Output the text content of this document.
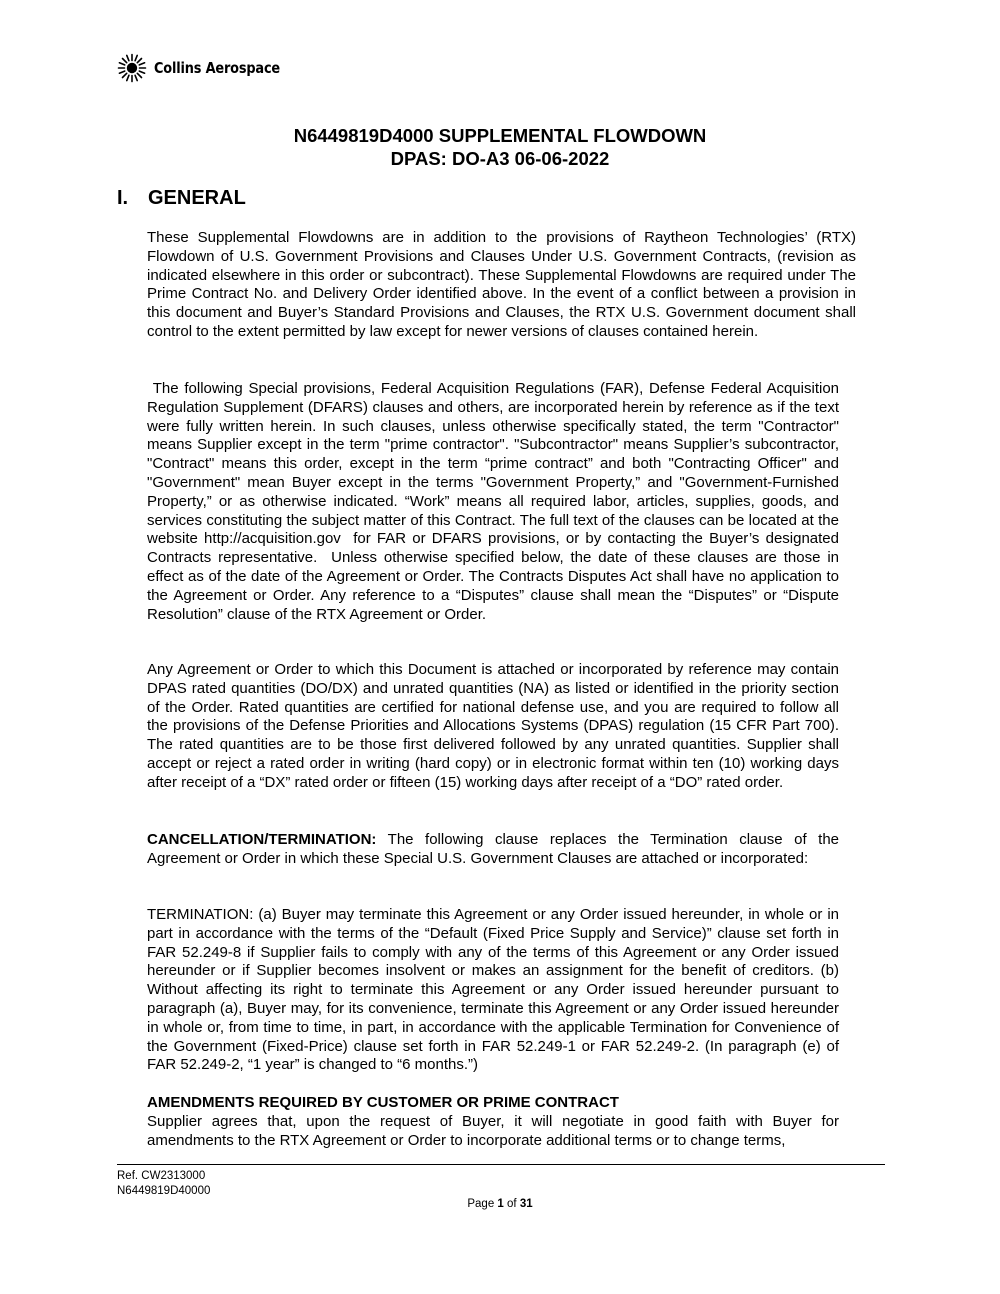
Collins Aerospace
N6449819D4000 SUPPLEMENTAL FLOWDOWN
DPAS: DO-A3 06-06-2022
I. GENERAL

These Supplemental Flowdowns are in addition to the provisions of Raytheon Technologies’ (RTX) Flowdown of U.S. Government Provisions and Clauses Under U.S. Government Contracts, (revision as indicated elsewhere in this order or subcontract). These Supplemental Flowdowns are required under The Prime Contract No. and Delivery Order identified above. In the event of a conflict between a provision in this document and Buyer’s Standard Provisions and Clauses, the RTX U.S. Government document shall control to the extent permitted by law except for newer versions of clauses contained herein.

The following Special provisions, Federal Acquisition Regulations (FAR), Defense Federal Acquisition Regulation Supplement (DFARS) clauses and others, are incorporated herein by reference as if the text were fully written herein. In such clauses, unless otherwise specifically stated, the term "Contractor" means Supplier except in the term "prime contractor". "Subcontractor" means Supplier’s subcontractor, "Contract" means this order, except in the term “prime contract” and both "Contracting Officer" and "Government" mean Buyer except in the terms "Government Property,” and "Government-Furnished Property,” or as otherwise indicated. “Work” means all required labor, articles, supplies, goods, and services constituting the subject matter of this Contract. The full text of the clauses can be located at the website http://acquisition.gov  for FAR or DFARS provisions, or by contacting the Buyer’s designated Contracts representative.  Unless otherwise specified below, the date of these clauses are those in effect as of the date of the Agreement or Order. The Contracts Disputes Act shall have no application to the Agreement or Order. Any reference to a “Disputes” clause shall mean the “Disputes” or “Dispute Resolution” clause of the RTX Agreement or Order.

Any Agreement or Order to which this Document is attached or incorporated by reference may contain DPAS rated quantities (DO/DX) and unrated quantities (NA) as listed or identified in the priority section of the Order. Rated quantities are certified for national defense use, and you are required to follow all the provisions of the Defense Priorities and Allocations Systems (DPAS) regulation (15 CFR Part 700). The rated quantities are to be those first delivered followed by any unrated quantities. Supplier shall accept or reject a rated order in writing (hard copy) or in electronic format within ten (10) working days after receipt of a “DX” rated order or fifteen (15) working days after receipt of a “DO” rated order.

CANCELLATION/TERMINATION: The following clause replaces the Termination clause of the Agreement or Order in which these Special U.S. Government Clauses are attached or incorporated:

TERMINATION: (a) Buyer may terminate this Agreement or any Order issued hereunder, in whole or in part in accordance with the terms of the “Default (Fixed Price Supply and Service)” clause set forth in FAR 52.249-8 if Supplier fails to comply with any of the terms of this Agreement or any Order issued hereunder or if Supplier becomes insolvent or makes an assignment for the benefit of creditors. (b) Without affecting its right to terminate this Agreement or any Order issued hereunder pursuant to paragraph (a), Buyer may, for its convenience, terminate this Agreement or any Order issued hereunder in whole or, from time to time, in part, in accordance with the applicable Termination for Convenience of the Government (Fixed-Price) clause set forth in FAR 52.249-1 or FAR 52.249-2. (In paragraph (e) of FAR 52.249-2, “1 year” is changed to “6 months.”)

AMENDMENTS REQUIRED BY CUSTOMER OR PRIME CONTRACT
Supplier agrees that, upon the request of Buyer, it will negotiate in good faith with Buyer for amendments to the RTX Agreement or Order to incorporate additional terms or to change terms,
Ref. CW2313000
N6449819D40000
Page 1 of 31
